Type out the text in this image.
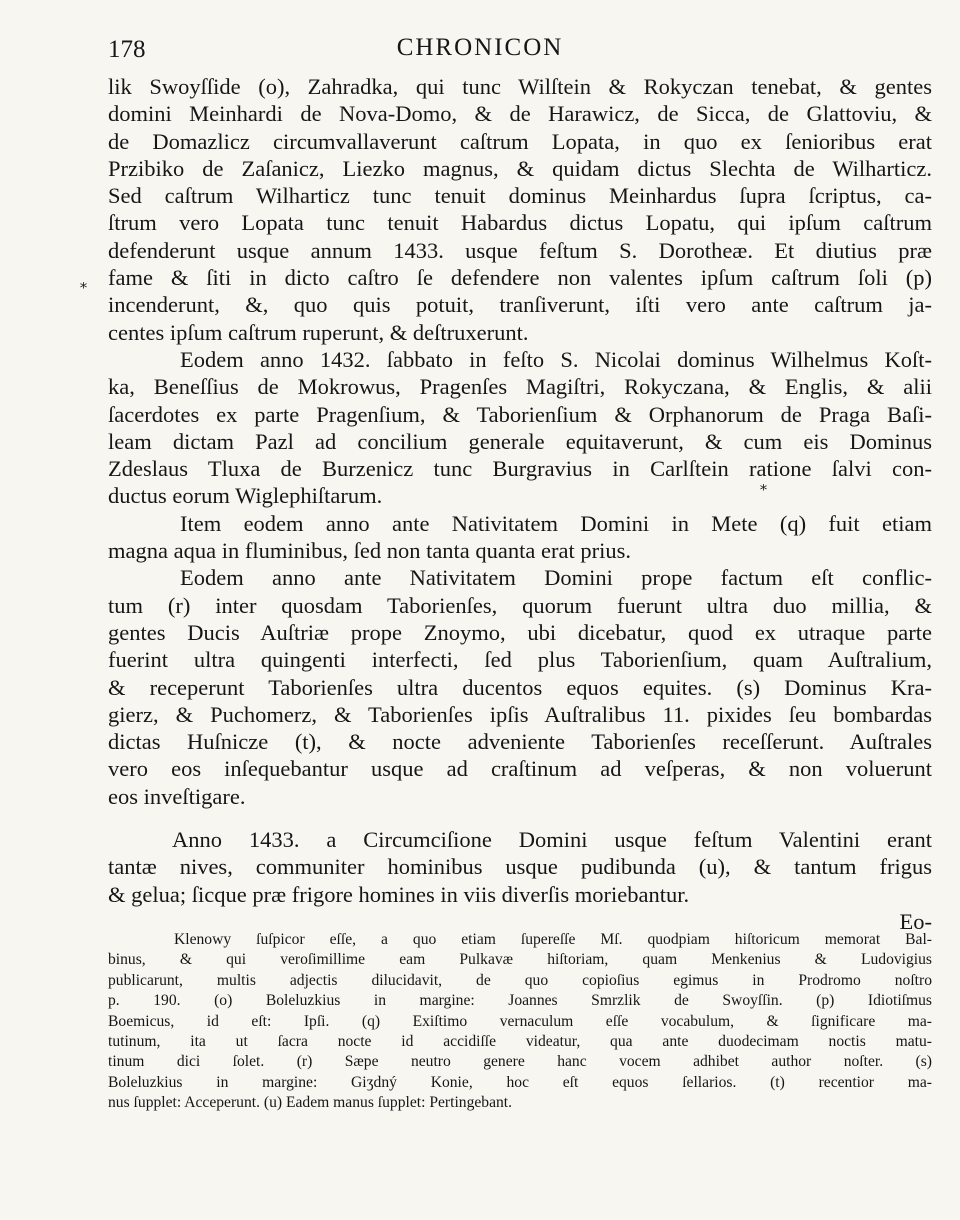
178	CHRONICON
lik Swoyſſide (o), Zahradka, qui tunc Wilſtein & Rokyczan tenebat, & gentes
domini Meinhardi de Nova-Domo, & de Harawicz, de Sicca, de Glattoviu, &
de Domazlicz circumvallaverunt caſtrum Lopata, in quo ex ſenioribus erat
Przibiko de Zaſanicz, Liezko magnus, & quidam dictus Slechta de Wilharticz.
Sed caſtrum Wilharticz tunc tenuit dominus Meinhardus ſupra ſcriptus, ca-
ſtrum vero Lopata tunc tenuit Habardus dictus Lopatu, qui ipſum caſtrum
defenderunt usque annum 1433. usque feſtum S. Dorotheæ. Et diutius præ
fame & ſiti in dicto caſtro ſe defendere non valentes ipſum caſtrum ſoli (p)
incenderunt, &, quo quis potuit, tranſiverunt, iſti vero ante caſtrum ja-
centes ipſum caſtrum ruperunt, & deſtruxerunt.
Eodem anno 1432. ſabbato in feſto S. Nicolai dominus Wilhelmus Koſt-
ka, Beneſſius de Mokrowus, Pragenſes Magiſtri, Rokyczana, & Englis, & alii
ſacerdotes ex parte Pragenſium, & Taborienſium & Orphanorum de Praga Baſi-
leam dictam Pazl ad concilium generale equitaverunt, & cum eis Dominus
Zdeslaus Tluxa de Burzenicz tunc Burgravius in Carlſtein ratione ſalvi con-
ductus eorum Wiglephiſtarum.
Item eodem anno ante Nativitatem Domini in Mete (q) fuit etiam
magna aqua in fluminibus, ſed non tanta quanta erat prius.
Eodem anno ante Nativitatem Domini prope factum eſt conflic-
tum (r) inter quosdam Taborienſes, quorum fuerunt ultra duo millia, &
gentes Ducis Auſtriæ prope Znoymo, ubi dicebatur, quod ex utraque parte
fuerint ultra quingenti interfecti, ſed plus Taborienſium, quam Auſtralium,
& receperunt Taborienſes ultra ducentos equos equites. (s) Dominus Kra-
gierz, & Puchomerz, & Taborienſes ipſis Auſtralibus 11. pixides ſeu bombardas
dictas Huſnicze (t), & nocte adveniente Taborienſes receſſerunt. Auſtrales
vero eos inſequebantur usque ad craſtinum ad veſperas, & non voluerunt
eos inveſtigare.
Anno 1433. a Circumciſione Domini usque feſtum Valentini erant
tantæ nives, communiter hominibus usque pudibunda (u), & tantum frigus
& gelua; ſicque præ frigore homines in viis diverſis moriebantur.
Eo-
Klenowy ſuſpicor eſſe, a quo etiam ſupereſſe Mſ. quodpiam hiſtoricum memorat Bal-
binus, & qui veroſimillime eam Pulkavæ hiſtoriam, quam Menkenius & Ludovigius
publicarunt, multis adjectis dilucidavit, de quo copioſius egimus in Prodromo noſtro
p. 190. (o) Boleluzkius in margine: Joannes Smrzlik de Swoyſſin. (p) Idiotiſmus
Boemicus, id eſt: Ipſi. (q) Exiſtimo vernaculum eſſe vocabulum, & ſignificare ma-
tutinum, ita ut ſacra nocte id accidiſſe videatur, qua ante duodecimam noctis matu-
tinum dici ſolet. (r) Sæpe neutro genere hanc vocem adhibet author noſter. (s)
Boleluzkius in margine: Giʒdný Konie, hoc eſt equos ſellarios. (t) recentior ma-
nus ſupplet: Acceperunt. (u) Eadem manus ſupplet: Pertingebant.
⁎
⁎
